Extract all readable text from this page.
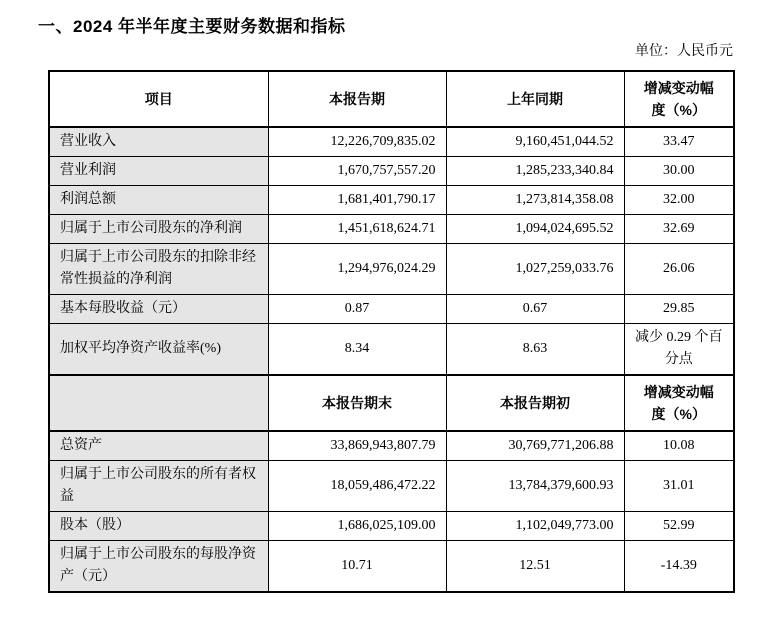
一、2024 年半年度主要财务数据和指标
单位：人民币元
项目	本报告期	上年同期	增减变动幅度（%）
营业收入	12,226,709,835.02	9,160,451,044.52	33.47
营业利润	1,670,757,557.20	1,285,233,340.84	30.00
利润总额	1,681,401,790.17	1,273,814,358.08	32.00
归属于上市公司股东的净利润	1,451,618,624.71	1,094,024,695.52	32.69
归属于上市公司股东的扣除非经常性损益的净利润	1,294,976,024.29	1,027,259,033.76	26.06
基本每股收益（元）	0.87	0.67	29.85
加权平均净资产收益率(%)	8.34	8.63	减少 0.29 个百分点
	本报告期末	本报告期初	增减变动幅度（%）
总资产	33,869,943,807.79	30,769,771,206.88	10.08
归属于上市公司股东的所有者权益	18,059,486,472.22	13,784,379,600.93	31.01
股本（股）	1,686,025,109.00	1,102,049,773.00	52.99
归属于上市公司股东的每股净资产（元）	10.71	12.51	-14.39
